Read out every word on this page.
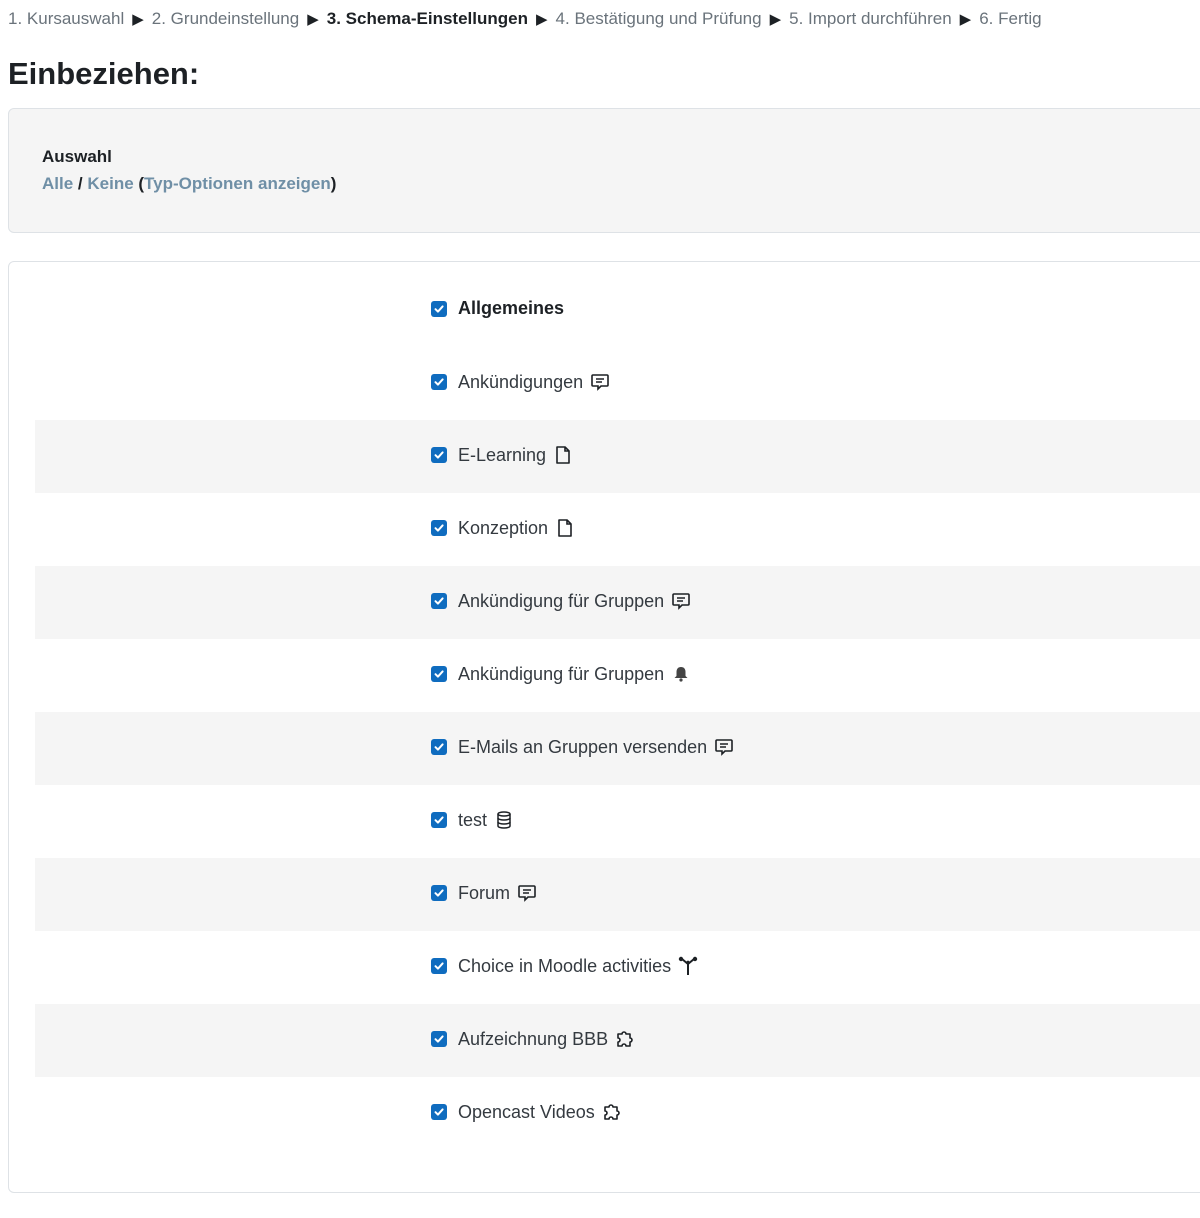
1. Kursauswahl ▶ 2. Grundeinstellung ▶ 3. Schema-Einstellungen ▶ 4. Bestätigung und Prüfung ▶ 5. Import durchführen ▶ 6. Fertig
Einbeziehen:
Auswahl
Alle / Keine (Typ-Optionen anzeigen)
Allgemeines
Ankündigungen
E-Learning
Konzeption
Ankündigung für Gruppen
Ankündigung für Gruppen
E-Mails an Gruppen versenden
test
Forum
Choice in Moodle activities
Aufzeichnung BBB
Opencast Videos
